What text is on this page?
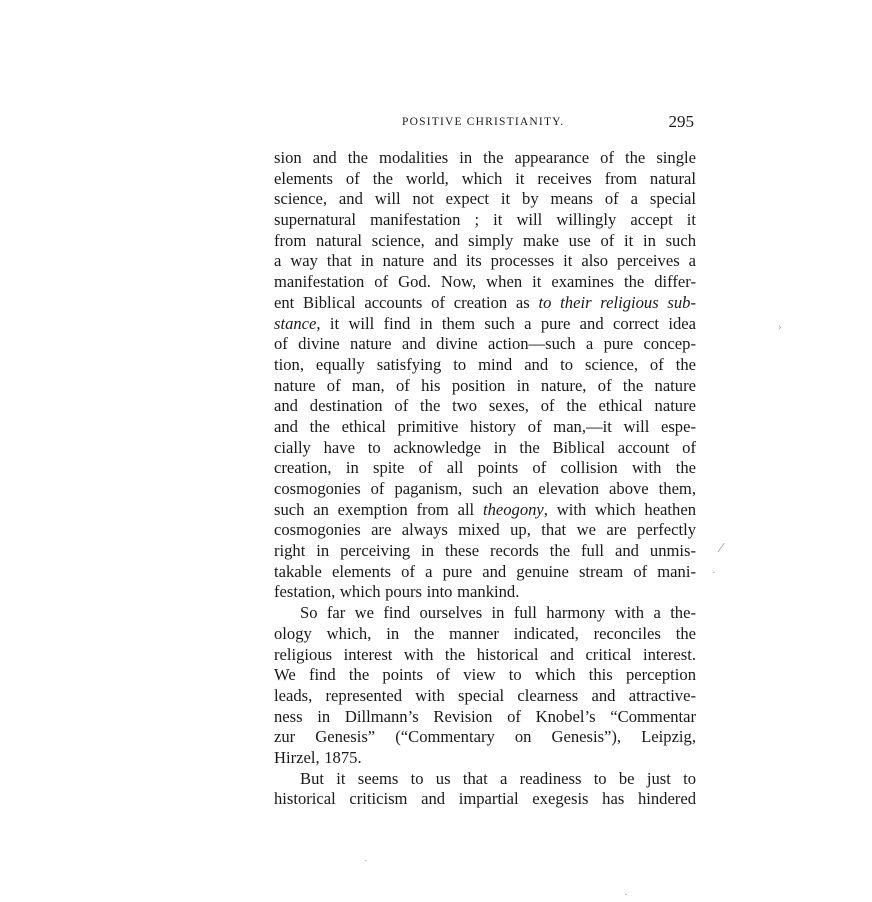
POSITIVE CHRISTIANITY.	295
sion and the modalities in the appearance of the single
elements of the world, which it receives from natural
science, and will not expect it by means of a special
supernatural manifestation ; it will willingly accept it
from natural science, and simply make use of it in such
a way that in nature and its processes it also perceives a
manifestation of God. Now, when it examines the differ-
ent Biblical accounts of creation as to their religious sub-
stance, it will find in them such a pure and correct idea
of divine nature and divine action—such a pure concep-
tion, equally satisfying to mind and to science, of the
nature of man, of his position in nature, of the nature
and destination of the two sexes, of the ethical nature
and the ethical primitive history of man,—it will espe-
cially have to acknowledge in the Biblical account of
creation, in spite of all points of collision with the
cosmogonies of paganism, such an elevation above them,
such an exemption from all theogony, with which heathen
cosmogonies are always mixed up, that we are perfectly
right in perceiving in these records the full and unmis-
takable elements of a pure and genuine stream of mani-
festation, which pours into mankind.
So far we find ourselves in full harmony with a the-
ology which, in the manner indicated, reconciles the
religious interest with the historical and critical interest.
We find the points of view to which this perception
leads, represented with special clearness and attractive-
ness in Dillmann’s Revision of Knobel’s “Commentar
zur Genesis” (“Commentary on Genesis”), Leipzig,
Hirzel, 1875.
But it seems to us that a readiness to be just to
historical criticism and impartial exegesis has hindered
›
⁄
·
·
·
